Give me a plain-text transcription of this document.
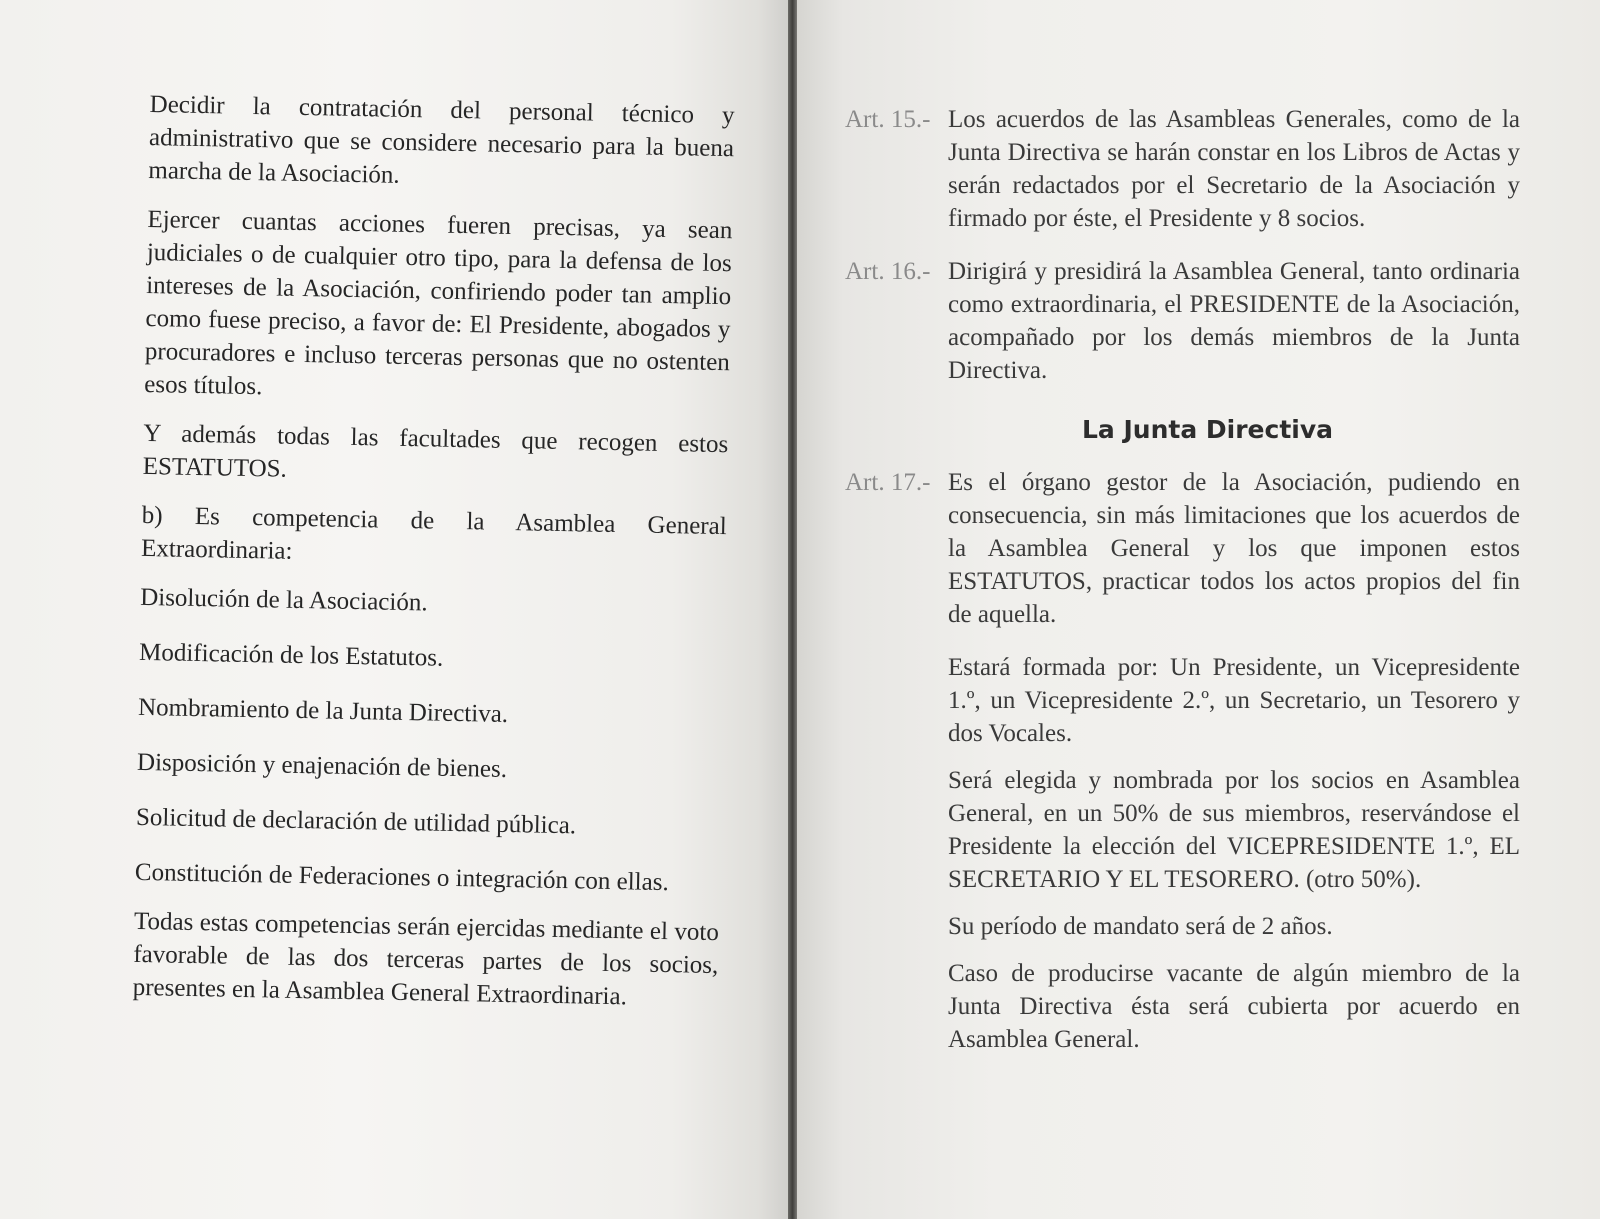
Decidir la contratación del personal técnico y administrativo que se considere necesario para la buena marcha de la Asociación.

Ejercer cuantas acciones fueren precisas, ya sean judiciales o de cualquier otro tipo, para la defensa de los intereses de la Asociación, confiriendo poder tan amplio como fuese preciso, a favor de: El Presidente, abogados y procuradores e incluso terceras personas que no ostenten esos títulos.

Y además todas las facultades que recogen estos ESTATUTOS.

b) Es competencia de la Asamblea General Extraordinaria:

Disolución de la Asociación.

Modificación de los Estatutos.

Nombramiento de la Junta Directiva.

Disposición y enajenación de bienes.

Solicitud de declaración de utilidad pública.

Constitución de Federaciones o integración con ellas.

Todas estas competencias serán ejercidas mediante el voto favorable de las dos terceras partes de los socios, presentes en la Asamblea General Extraordinaria.

Art. 15.- Los acuerdos de las Asambleas Generales, como de la Junta Directiva se harán constar en los Libros de Actas y serán redactados por el Secretario de la Asociación y firmado por éste, el Presidente y 8 socios.
Art. 16.- Dirigirá y presidirá la Asamblea General, tanto ordinaria como extraordinaria, el PRESIDENTE de la Asociación, acompañado por los demás miembros de la Junta Directiva.
La Junta Directiva
Art. 17.- Es el órgano gestor de la Asociación, pudiendo en consecuencia, sin más limitaciones que los acuerdos de la Asamblea General y los que imponen estos ESTATUTOS, practicar todos los actos propios del fin de aquella.

Estará formada por: Un Presidente, un Vicepresidente 1.º, un Vicepresidente 2.º, un Secretario, un Tesorero y dos Vocales.

Será elegida y nombrada por los socios en Asamblea General, en un 50% de sus miembros, reservándose el Presidente la elección del VICEPRESIDENTE 1.º, EL SECRETARIO Y EL TESORERO. (otro 50%).

Su período de mandato será de 2 años.

Caso de producirse vacante de algún miembro de la Junta Directiva ésta será cubierta por acuerdo en Asamblea General.
